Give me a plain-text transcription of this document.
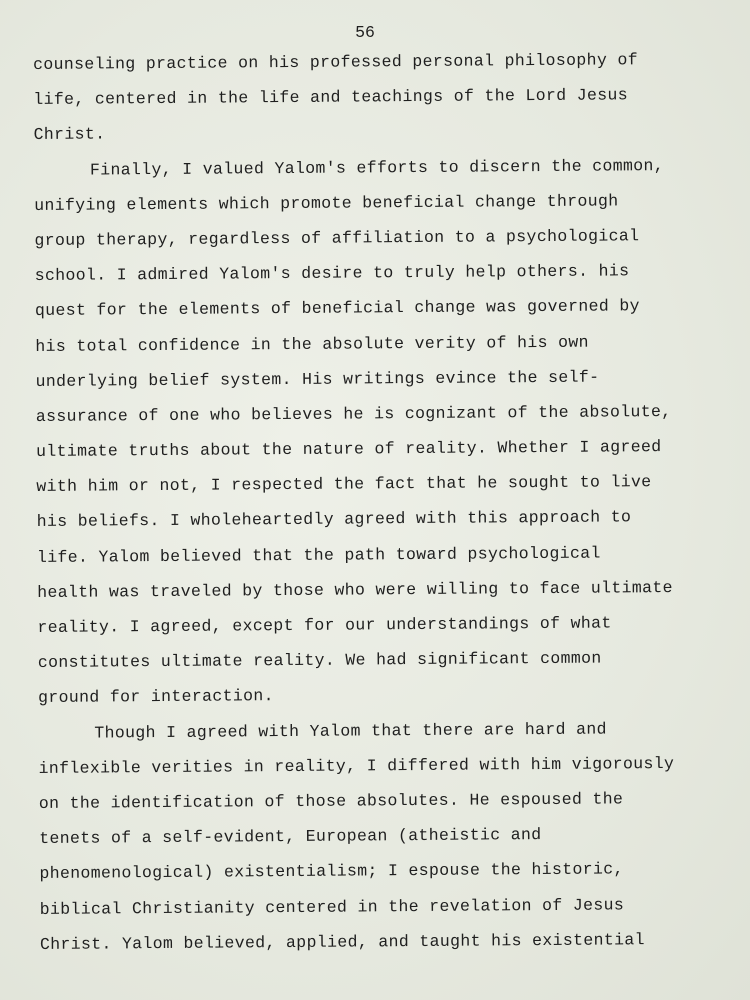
56
counseling practice on his professed personal philosophy of
life, centered in the life and teachings of the Lord Jesus
Christ.
Finally, I valued Yalom's efforts to discern the common,
unifying elements which promote beneficial change through
group therapy, regardless of affiliation to a psychological
school. I admired Yalom's desire to truly help others. his
quest for the elements of beneficial change was governed by
his total confidence in the absolute verity of his own
underlying belief system. His writings evince the self-
assurance of one who believes he is cognizant of the absolute,
ultimate truths about the nature of reality. Whether I agreed
with him or not, I respected the fact that he sought to live
his beliefs. I wholeheartedly agreed with this approach to
life. Yalom believed that the path toward psychological
health was traveled by those who were willing to face ultimate
reality. I agreed, except for our understandings of what
constitutes ultimate reality. We had significant common
ground for interaction.
Though I agreed with Yalom that there are hard and
inflexible verities in reality, I differed with him vigorously
on the identification of those absolutes. He espoused the
tenets of a self-evident, European (atheistic and
phenomenological) existentialism; I espouse the historic,
biblical Christianity centered in the revelation of Jesus
Christ. Yalom believed, applied, and taught his existential
